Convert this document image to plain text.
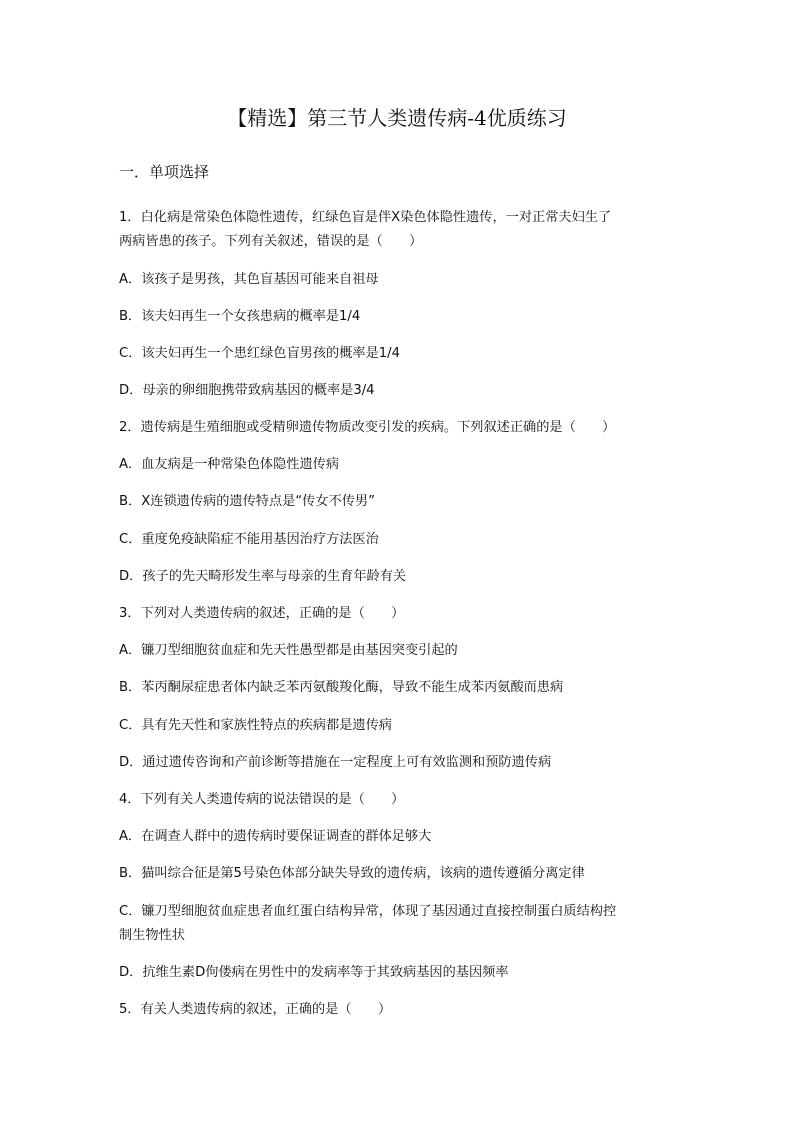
【精选】第三节人类遗传病-4优质练习
一．单项选择
1．白化病是常染色体隐性遗传，红绿色盲是伴X染色体隐性遗传，一对正常夫妇生了
两病皆患的孩子。下列有关叙述，错误的是（　　）
A．该孩子是男孩，其色盲基因可能来自祖母
B．该夫妇再生一个女孩患病的概率是1/4
C．该夫妇再生一个患红绿色盲男孩的概率是1/4
D．母亲的卵细胞携带致病基因的概率是3/4
2．遗传病是生殖细胞或受精卵遗传物质改变引发的疾病。下列叙述正确的是（　　）
A．血友病是一种常染色体隐性遗传病
B．X连锁遗传病的遗传特点是“传女不传男”
C．重度免疫缺陷症不能用基因治疗方法医治
D．孩子的先天畸形发生率与母亲的生育年龄有关
3．下列对人类遗传病的叙述，正确的是（　　）
A．镰刀型细胞贫血症和先天性愚型都是由基因突变引起的
B．苯丙酮尿症患者体内缺乏苯丙氨酸羧化酶，导致不能生成苯丙氨酸而患病
C．具有先天性和家族性特点的疾病都是遗传病
D．通过遗传咨询和产前诊断等措施在一定程度上可有效监测和预防遗传病
4．下列有关人类遗传病的说法错误的是（　　）
A．在调查人群中的遗传病时要保证调查的群体足够大
B．猫叫综合征是第5号染色体部分缺失导致的遗传病，该病的遗传遵循分离定律
C．镰刀型细胞贫血症患者血红蛋白结构异常，体现了基因通过直接控制蛋白质结构控
制生物性状
D．抗维生素D佝偻病在男性中的发病率等于其致病基因的基因频率
5．有关人类遗传病的叙述，正确的是（　　）
